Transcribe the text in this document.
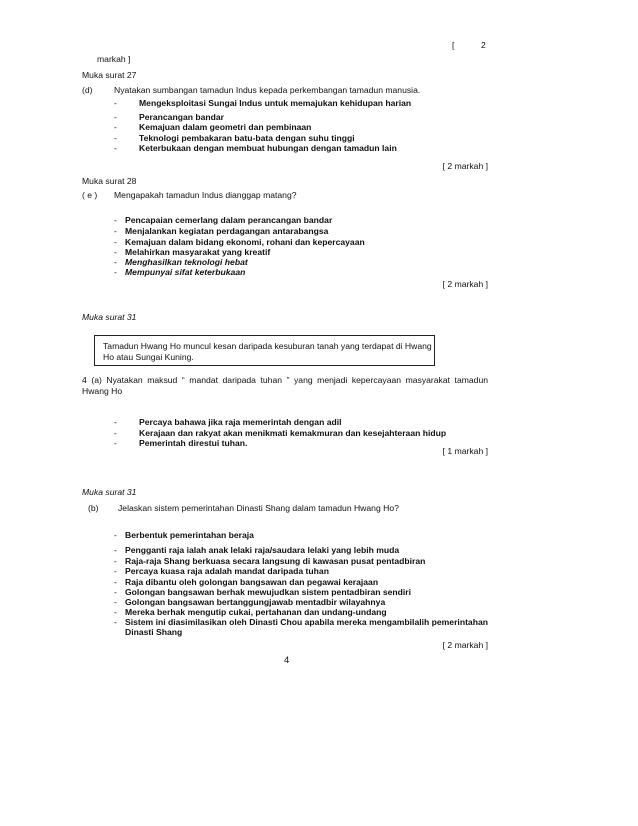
[	2
markah ]
Muka surat 27
(d) Nyatakan sumbangan tamadun Indus kepada perkembangan tamadun manusia.
-	Mengeksploitasi Sungai Indus untuk memajukan kehidupan harian
-	Perancangan bandar
-	Kemajuan dalam geometri dan pembinaan
-	Teknologi pembakaran batu-bata dengan suhu tinggi
-	Keterbukaan dengan membuat hubungan dengan tamadun lain
[ 2 markah ]
Muka surat 28
( e ) Mengapakah tamadun Indus dianggap matang?
- Pencapaian cemerlang dalam perancangan bandar
- Menjalankan kegiatan perdagangan antarabangsa
- Kemajuan dalam bidang ekonomi, rohani dan kepercayaan
- Melahirkan masyarakat yang kreatif
- Menghasilkan teknologi hebat
- Mempunyai sifat keterbukaan
[ 2 markah ]
Muka surat 31
Tamadun Hwang Ho muncul kesan daripada kesuburan tanah yang terdapat di Hwang Ho atau Sungai Kuning.
4 (a) Nyatakan maksud “ mandat daripada tuhan ” yang menjadi kepercayaan masyarakat tamadun Hwang Ho
-	Percaya bahawa jika raja memerintah dengan adil
-	Kerajaan dan rakyat akan menikmati kemakmuran dan kesejahteraan hidup
-	Pemerintah direstui tuhan.
[ 1 markah ]
Muka surat 31
(b) Jelaskan sistem pemerintahan Dinasti Shang dalam tamadun Hwang Ho?
- Berbentuk pemerintahan beraja
- Pengganti raja ialah anak lelaki raja/saudara lelaki yang lebih muda
- Raja-raja Shang berkuasa secara langsung di kawasan pusat pentadbiran
- Percaya kuasa raja adalah mandat daripada tuhan
- Raja dibantu oleh golongan bangsawan dan pegawai kerajaan
- Golongan bangsawan berhak mewujudkan sistem pentadbiran sendiri
- Golongan bangsawan bertanggungjawab mentadbir wilayahnya
- Mereka berhak mengutip cukai, pertahanan dan undang-undang
- Sistem ini diasimilasikan oleh Dinasti Chou apabila mereka mengambilalih pemerintahan
Dinasti Shang
[ 2 markah ]
4
